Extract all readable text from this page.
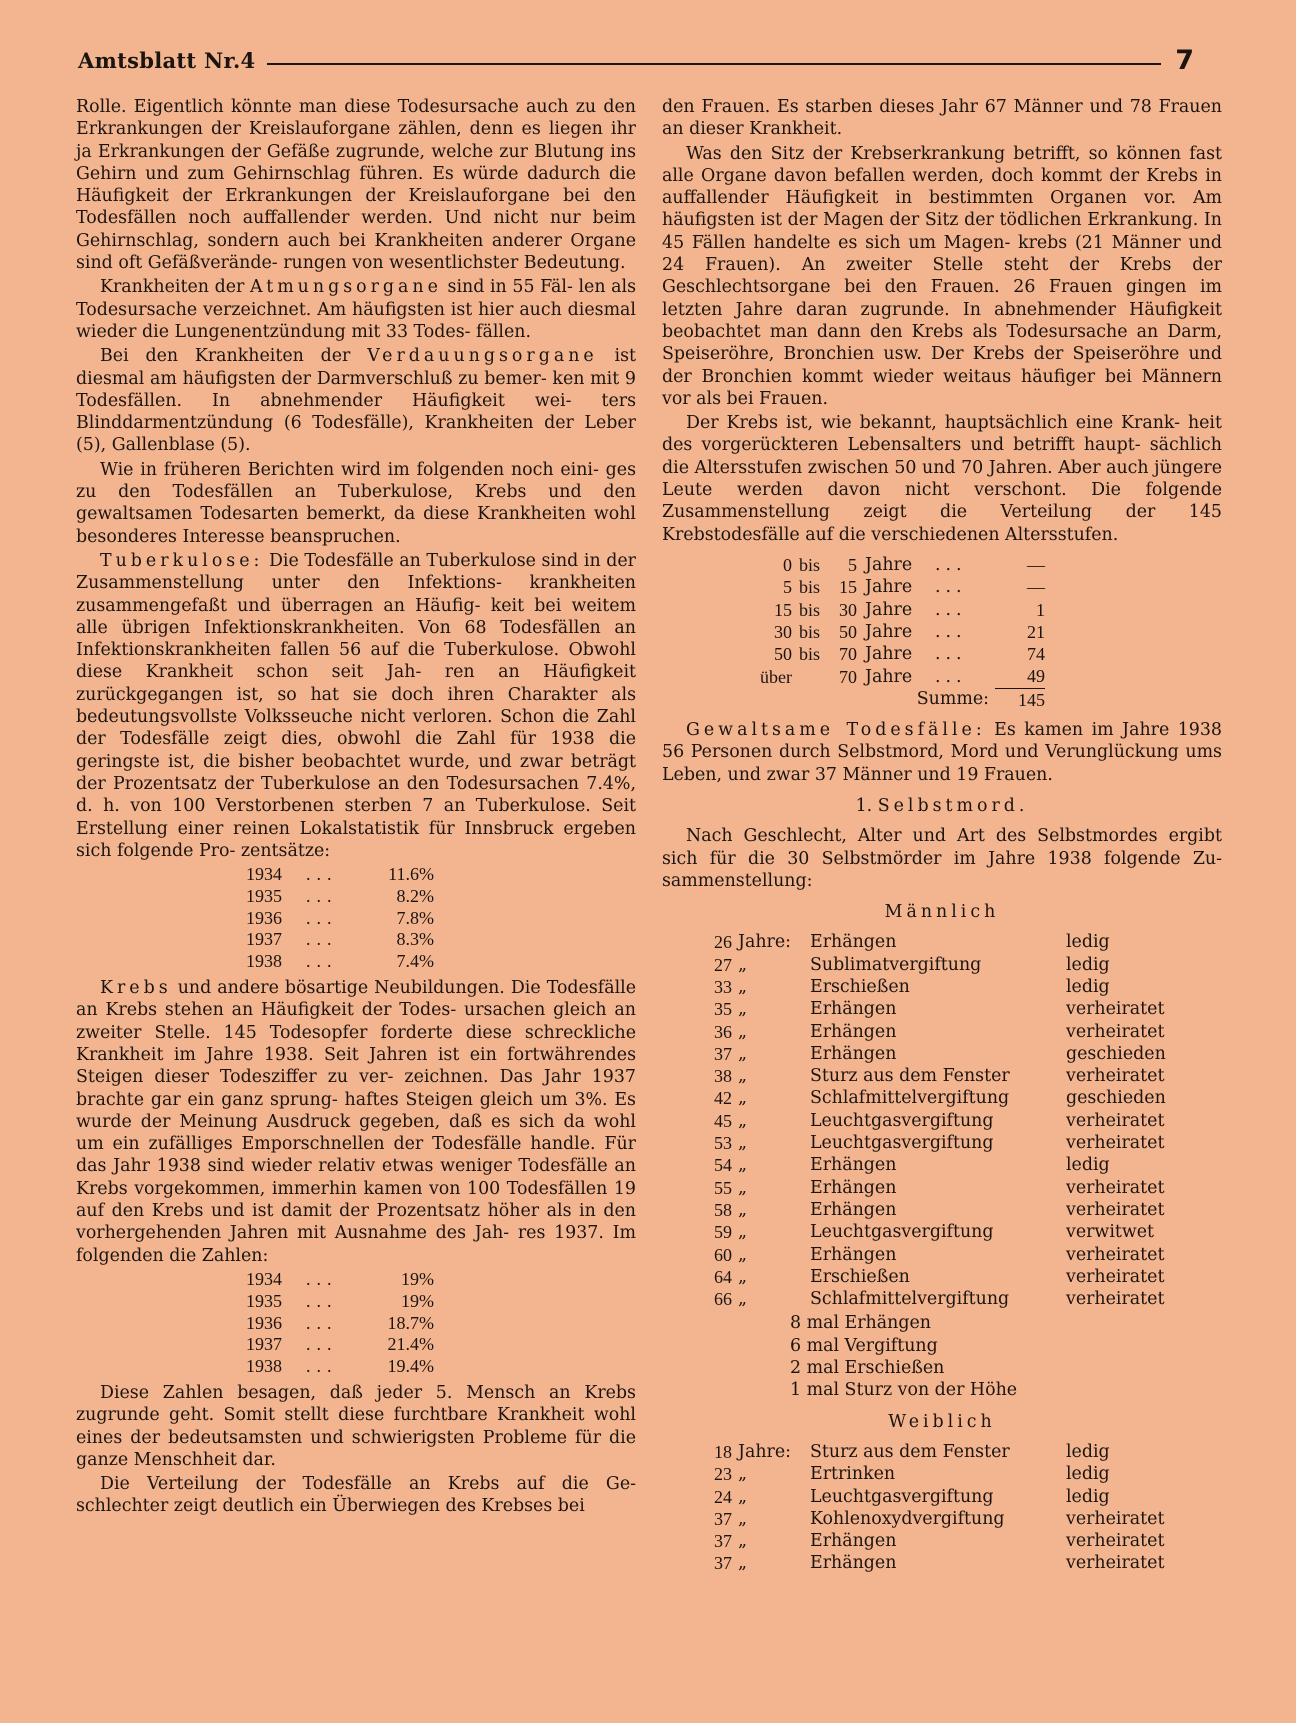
Amtsblatt Nr.4	7

Rolle. Eigentlich könnte man diese Todesursache auch zu den Erkrankungen der Kreislauforgane zählen, denn es liegen ihr ja Erkrankungen der Gefäße zugrunde, welche zur Blutung ins Gehirn und zum Gehirnschlag führen. Es würde dadurch die Häufigkeit der Erkrankungen der Kreislauforgane bei den Todesfällen noch auffallender werden. Und nicht nur beim Gehirnschlag, sondern auch bei Krankheiten anderer Organe sind oft Gefäßverände- rungen von wesentlichster Bedeutung.

Krankheiten der Atmungsorgane sind in 55 Fäl- len als Todesursache verzeichnet. Am häufigsten ist hier auch diesmal wieder die Lungenentzündung mit 33 Todes- fällen.

Bei den Krankheiten der Verdauungsorgane ist diesmal am häufigsten der Darmverschluß zu bemer- ken mit 9 Todesfällen. In abnehmender Häufigkeit wei- ters Blinddarmentzündung (6 Todesfälle), Krankheiten der Leber (5), Gallenblase (5).

Wie in früheren Berichten wird im folgenden noch eini- ges zu den Todesfällen an Tuberkulose, Krebs und den gewaltsamen Todesarten bemerkt, da diese Krankheiten wohl besonderes Interesse beanspruchen.

Tuberkulose: Die Todesfälle an Tuberkulose sind in der Zusammenstellung unter den Infektions- krankheiten zusammengefaßt und überragen an Häufig- keit bei weitem alle übrigen Infektionskrankheiten. Von 68 Todesfällen an Infektionskrankheiten fallen 56 auf die Tuberkulose. Obwohl diese Krankheit schon seit Jah- ren an Häufigkeit zurückgegangen ist, so hat sie doch ihren Charakter als bedeutungsvollste Volksseuche nicht verloren. Schon die Zahl der Todesfälle zeigt dies, obwohl die Zahl für 1938 die geringste ist, die bisher beobachtet wurde, und zwar beträgt der Prozentsatz der Tuberkulose an den Todesursachen 7.4%, d. h. von 100 Verstorbenen sterben 7 an Tuberkulose. Seit Erstellung einer reinen Lokalstatistik für Innsbruck ergeben sich folgende Pro- zentsätze:

1934	...	11.6%
1935	...	8.2%
1936	...	7.8%
1937	...	8.3%
1938	...	7.4%

Krebs und andere bösartige Neubildungen. Die Todesfälle an Krebs stehen an Häufigkeit der Todes- ursachen gleich an zweiter Stelle. 145 Todesopfer forderte diese schreckliche Krankheit im Jahre 1938. Seit Jahren ist ein fortwährendes Steigen dieser Todesziffer zu ver- zeichnen. Das Jahr 1937 brachte gar ein ganz sprung- haftes Steigen gleich um 3%. Es wurde der Meinung Ausdruck gegeben, daß es sich da wohl um ein zufälliges Emporschnellen der Todesfälle handle. Für das Jahr 1938 sind wieder relativ etwas weniger Todesfälle an Krebs vorgekommen, immerhin kamen von 100 Todesfällen 19 auf den Krebs und ist damit der Prozentsatz höher als in den vorhergehenden Jahren mit Ausnahme des Jah- res 1937. Im folgenden die Zahlen:

1934	...	19%
1935	...	19%
1936	...	18.7%
1937	...	21.4%
1938	...	19.4%

Diese Zahlen besagen, daß jeder 5. Mensch an Krebs zugrunde geht. Somit stellt diese furchtbare Krankheit wohl eines der bedeutsamsten und schwierigsten Probleme für die ganze Menschheit dar.

Die Verteilung der Todesfälle an Krebs auf die Ge- schlechter zeigt deutlich ein Überwiegen des Krebses bei

den Frauen. Es starben dieses Jahr 67 Männer und 78 Frauen an dieser Krankheit.

Was den Sitz der Krebserkrankung betrifft, so können fast alle Organe davon befallen werden, doch kommt der Krebs in auffallender Häufigkeit in bestimmten Organen vor. Am häufigsten ist der Magen der Sitz der tödlichen Erkrankung. In 45 Fällen handelte es sich um Magen- krebs (21 Männer und 24 Frauen). An zweiter Stelle steht der Krebs der Geschlechtsorgane bei den Frauen. 26 Frauen gingen im letzten Jahre daran zugrunde. In abnehmender Häufigkeit beobachtet man dann den Krebs als Todesursache an Darm, Speiseröhre, Bronchien usw. Der Krebs der Speiseröhre und der Bronchien kommt wieder weitaus häufiger bei Männern vor als bei Frauen.

Der Krebs ist, wie bekannt, hauptsächlich eine Krank- heit des vorgerückteren Lebensalters und betrifft haupt- sächlich die Altersstufen zwischen 50 und 70 Jahren. Aber auch jüngere Leute werden davon nicht verschont. Die folgende Zusammenstellung zeigt die Verteilung der 145 Krebstodesfälle auf die verschiedenen Altersstufen.

0	bis	5	Jahre	...	—
5	bis	15	Jahre	...	—
15	bis	30	Jahre	...	1
30	bis	50	Jahre	...	21
50	bis	70	Jahre	...	74
über		70	Jahre	...	49
Summe:					145

Gewaltsame Todesfälle: Es kamen im Jahre 1938 56 Personen durch Selbstmord, Mord und Verunglückung ums Leben, und zwar 37 Männer und 19 Frauen.

1. Selbstmord.

Nach Geschlecht, Alter und Art des Selbstmordes ergibt sich für die 30 Selbstmörder im Jahre 1938 folgende Zu- sammenstellung:

Männlich
26	Jahre:	Erhängen	ledig
27	„	Sublimatvergiftung	ledig
33	„	Erschießen	ledig
35	„	Erhängen	verheiratet
36	„	Erhängen	verheiratet
37	„	Erhängen	geschieden
38	„	Sturz aus dem Fenster	verheiratet
42	„	Schlafmittelvergiftung	geschieden
45	„	Leuchtgasvergiftung	verheiratet
53	„	Leuchtgasvergiftung	verheiratet
54	„	Erhängen	ledig
55	„	Erhängen	verheiratet
58	„	Erhängen	verheiratet
59	„	Leuchtgasvergiftung	verwitwet
60	„	Erhängen	verheiratet
64	„	Erschießen	verheiratet
66	„	Schlafmittelvergiftung	verheiratet
8 mal Erhängen
6 mal Vergiftung
2 mal Erschießen
1 mal Sturz von der Höhe
Weiblich
18	Jahre:	Sturz aus dem Fenster	ledig
23	„	Ertrinken	ledig
24	„	Leuchtgasvergiftung	ledig
37	„	Kohlenoxydvergiftung	verheiratet
37	„	Erhängen	verheiratet
37	„	Erhängen	verheiratet
